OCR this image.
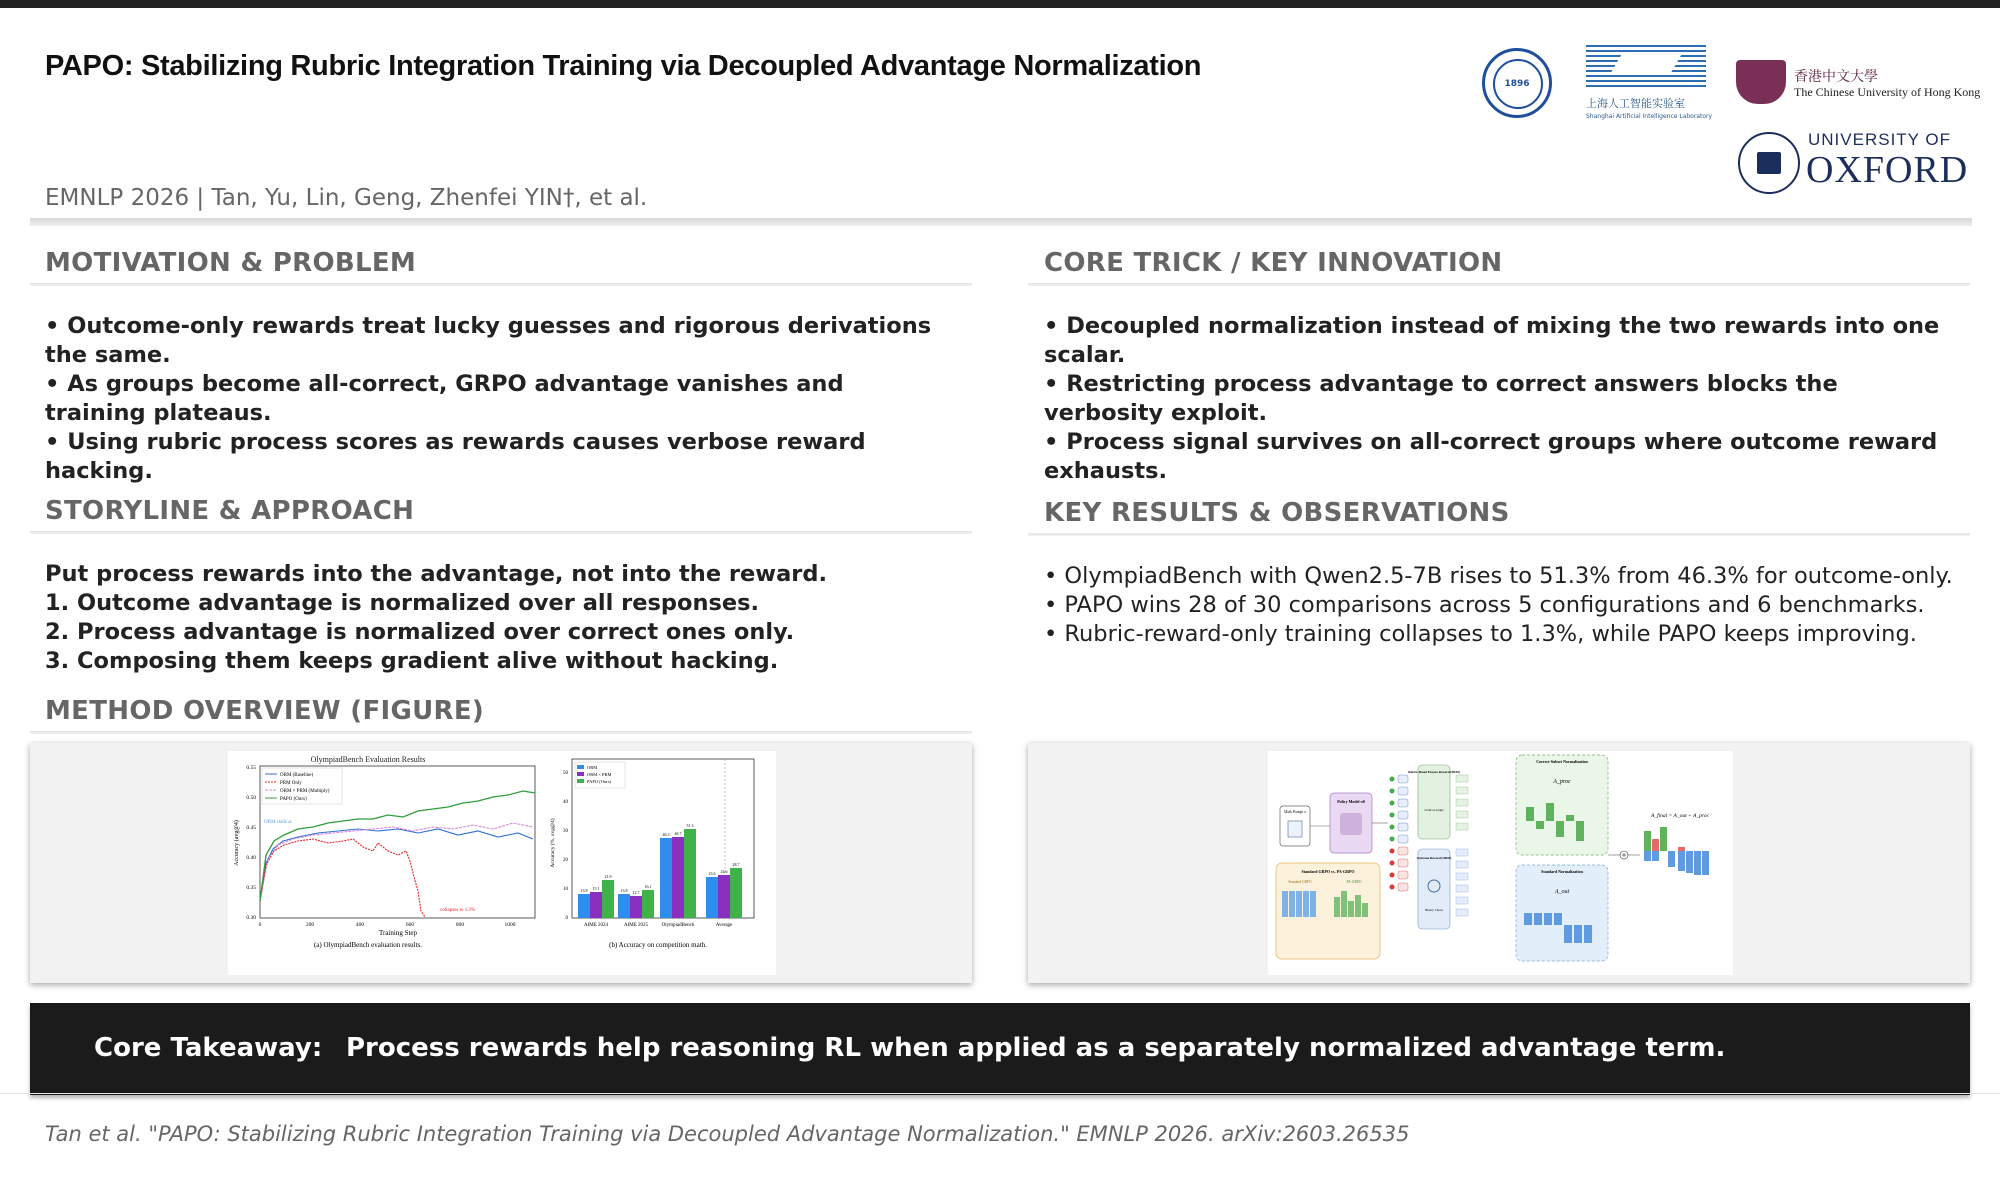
PAPO: Stabilizing Rubric Integration Training via Decoupled Advantage Normalization
EMNLP 2026 | Tan, Yu, Lin, Geng, Zhenfei YIN†, et al.
1896
上海人工智能实验室
Shanghai Artificial Intelligence Laboratory
香港中文大學
The Chinese University of Hong Kong
UNIVERSITY OF
OXFORD
MOTIVATION & PROBLEM

• Outcome-only rewards treat lucky guesses and rigorous derivations the same.

• As groups become all-correct, GRPO advantage vanishes and training plateaus.

• Using rubric process scores as rewards causes verbose reward hacking.

STORYLINE & APPROACH

Put process rewards into the advantage, not into the reward.

1. Outcome advantage is normalized over all responses.

2. Process advantage is normalized over correct ones only.

3. Composing them keeps gradient alive without hacking.

METHOD OVERVIEW (FIGURE)
OlympiadBench Evaluation Results
0.30
0.35
0.40
0.45
0.50
0.55
0	200	400	600	800	1000
Training Step
Accuracy (avg@4)
ORM (Baseline)
PRM Only
ORM × PRM (Multiply)
PAPO (Ours)
ORM stalls at
collapses to 1.3%
(a) OlympiadBench evaluation results.
0
10
20
30
40
50
Accuracy (%, avg@4)
ORM
ORM × PRM
PAPO (Ours)
13.8 15.1
21.9
13.8 12.7
16.1
46.3 46.7
51.3
23.6 24.6
28.7
AIME 2024	AIME 2025	OlympiadBench	Average
(b) Accuracy on competition math.
CORE TRICK / KEY INNOVATION

• Decoupled normalization instead of mixing the two rewards into one scalar.

• Restricting process advantage to correct answers blocks the verbosity exploit.

• Process signal survives on all-correct groups where outcome reward exhausts.

KEY RESULTS & OBSERVATIONS

• OlympiadBench with Qwen2.5-7B rises to 51.3% from 46.3% for outcome-only.

• PAPO wins 28 of 30 comparisons across 5 configurations and 6 benchmarks.

• Rubric-reward-only training collapses to 1.3%, while PAPO keeps improving.

Math Prompt x
Policy Model πθ
Rubric-Based Process Reward (PRM)
LLM-as-Judge
Outcome Reward (ORM)
Binary Check
Correct-Subset Normalization
A_proc
Standard Normalization
A_out
Standard GRPO vs. PA-GRPO
Standard GRPO	PA-GRPO
A_final = A_out + A_proc
Core Takeaway: Process rewards help reasoning RL when applied as a separately normalized advantage term.
Tan et al. "PAPO: Stabilizing Rubric Integration Training via Decoupled Advantage Normalization." EMNLP 2026. arXiv:2603.26535
